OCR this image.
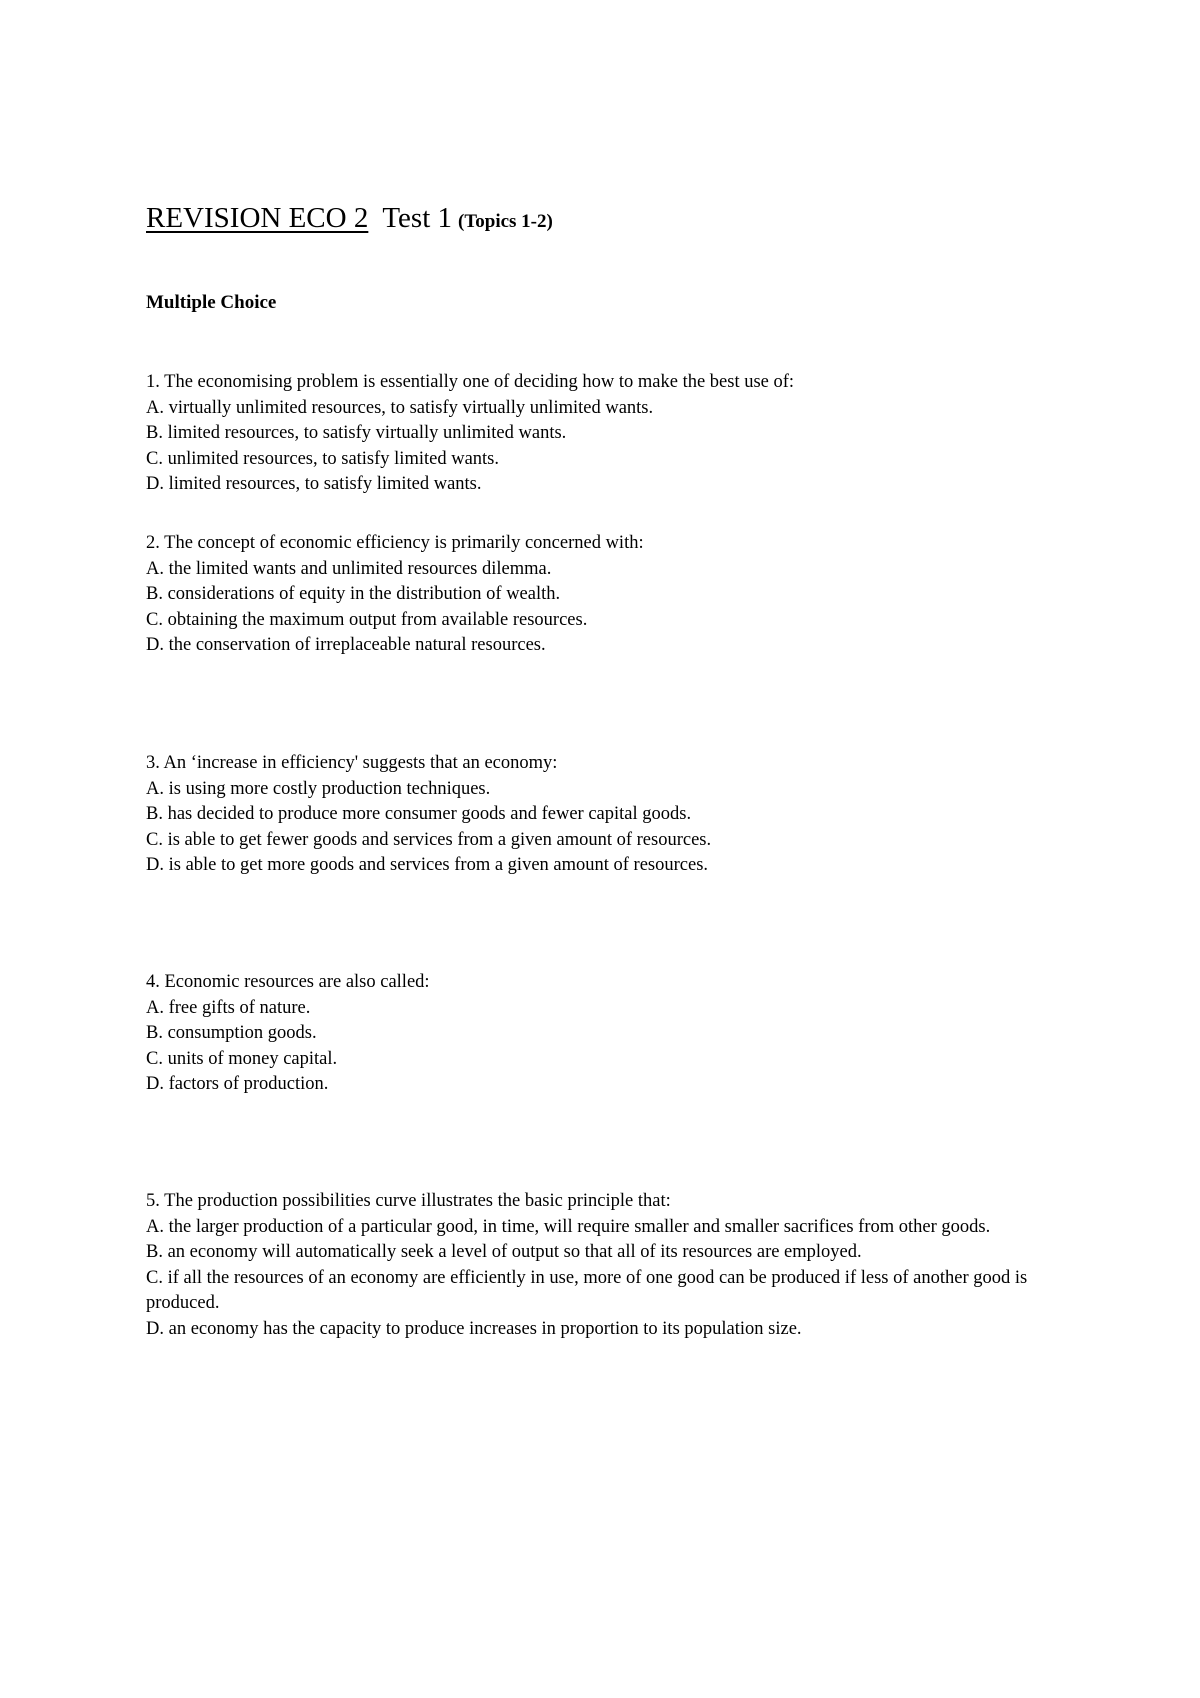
REVISION ECO 2 Test 1 (Topics 1-2)
Multiple Choice
1. The economising problem is essentially one of deciding how to make the best use of:
A. virtually unlimited resources, to satisfy virtually unlimited wants.
B. limited resources, to satisfy virtually unlimited wants.
C. unlimited resources, to satisfy limited wants.
D. limited resources, to satisfy limited wants.
2. The concept of economic efficiency is primarily concerned with:
A. the limited wants and unlimited resources dilemma.
B. considerations of equity in the distribution of wealth.
C. obtaining the maximum output from available resources.
D. the conservation of irreplaceable natural resources.
3. An ‘increase in efficiency' suggests that an economy:
A. is using more costly production techniques.
B. has decided to produce more consumer goods and fewer capital goods.
C. is able to get fewer goods and services from a given amount of resources.
D. is able to get more goods and services from a given amount of resources.
4. Economic resources are also called:
A. free gifts of nature.
B. consumption goods.
C. units of money capital.
D. factors of production.
5. The production possibilities curve illustrates the basic principle that:
A. the larger production of a particular good, in time, will require smaller and smaller sacrifices from other goods.
B. an economy will automatically seek a level of output so that all of its resources are employed.
C. if all the resources of an economy are efficiently in use, more of one good can be produced if less of another good is produced.
D. an economy has the capacity to produce increases in proportion to its population size.
